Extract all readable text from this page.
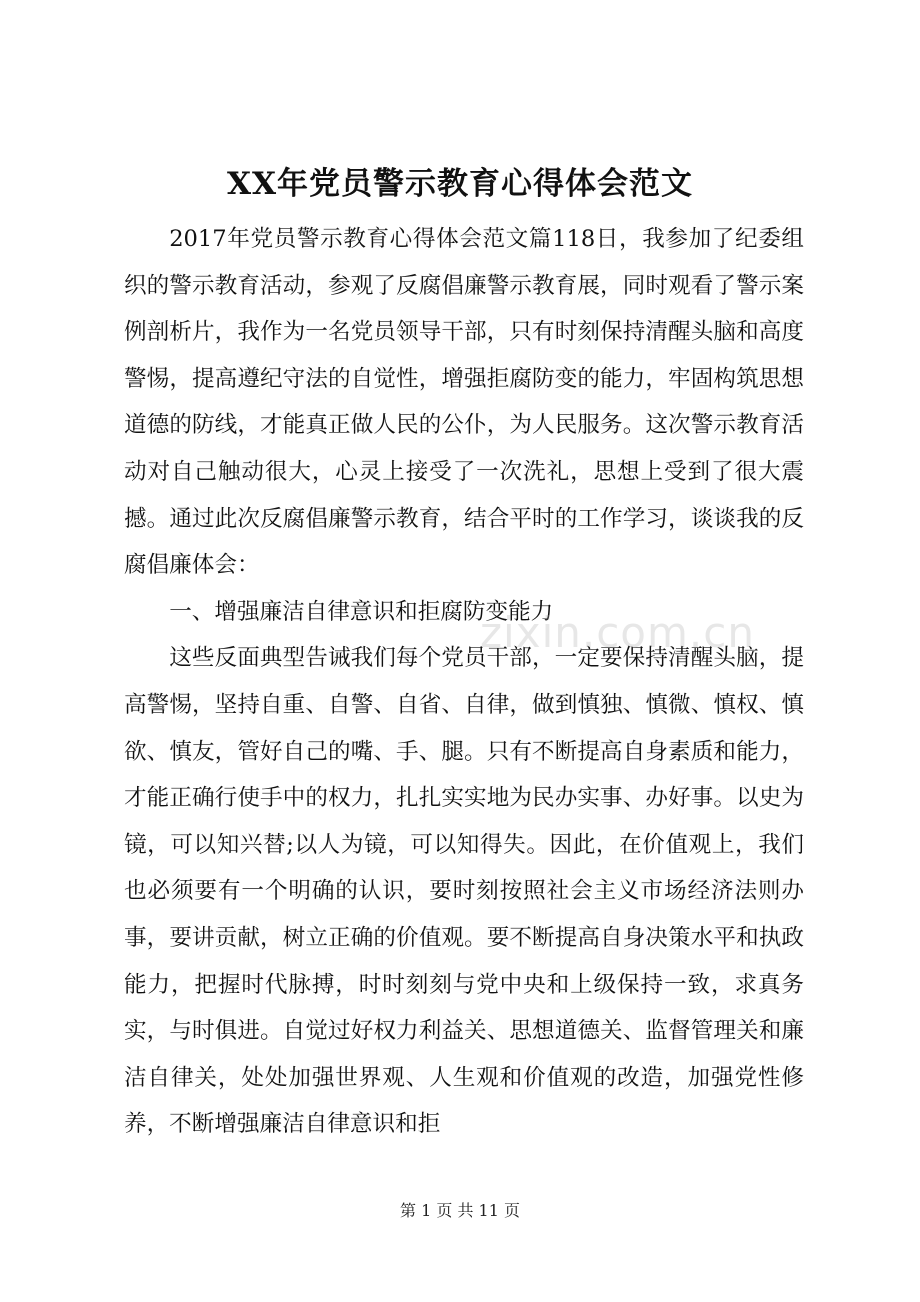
XX年党员警示教育心得体会范文

2017年党员警示教育心得体会范文篇118日，我参加了纪委组织的警示教育活动，参观了反腐倡廉警示教育展，同时观看了警示案例剖析片，我作为一名党员领导干部，只有时刻保持清醒头脑和高度警惕，提高遵纪守法的自觉性，增强拒腐防变的能力，牢固构筑思想道德的防线，才能真正做人民的公仆，为人民服务。这次警示教育活动对自己触动很大，心灵上接受了一次洗礼，思想上受到了很大震撼。通过此次反腐倡廉警示教育，结合平时的工作学习，谈谈我的反腐倡廉体会：

一、增强廉洁自律意识和拒腐防变能力

这些反面典型告诫我们每个党员干部，一定要保持清醒头脑，提高警惕，坚持自重、自警、自省、自律，做到慎独、慎微、慎权、慎欲、慎友，管好自己的嘴、手、腿。只有不断提高自身素质和能力，才能正确行使手中的权力，扎扎实实地为民办实事、办好事。以史为镜，可以知兴替;以人为镜，可以知得失。因此，在价值观上，我们也必须要有一个明确的认识，要时刻按照社会主义市场经济法则办事，要讲贡献，树立正确的价值观。要不断提高自身决策水平和执政能力，把握时代脉搏，时时刻刻与党中央和上级保持一致，求真务实，与时俱进。自觉过好权力利益关、思想道德关、监督管理关和廉洁自律关，处处加强世界观、人生观和价值观的改造，加强党性修养，不断增强廉洁自律意识和拒

zixin.com.cn
第 1 页 共 11 页
